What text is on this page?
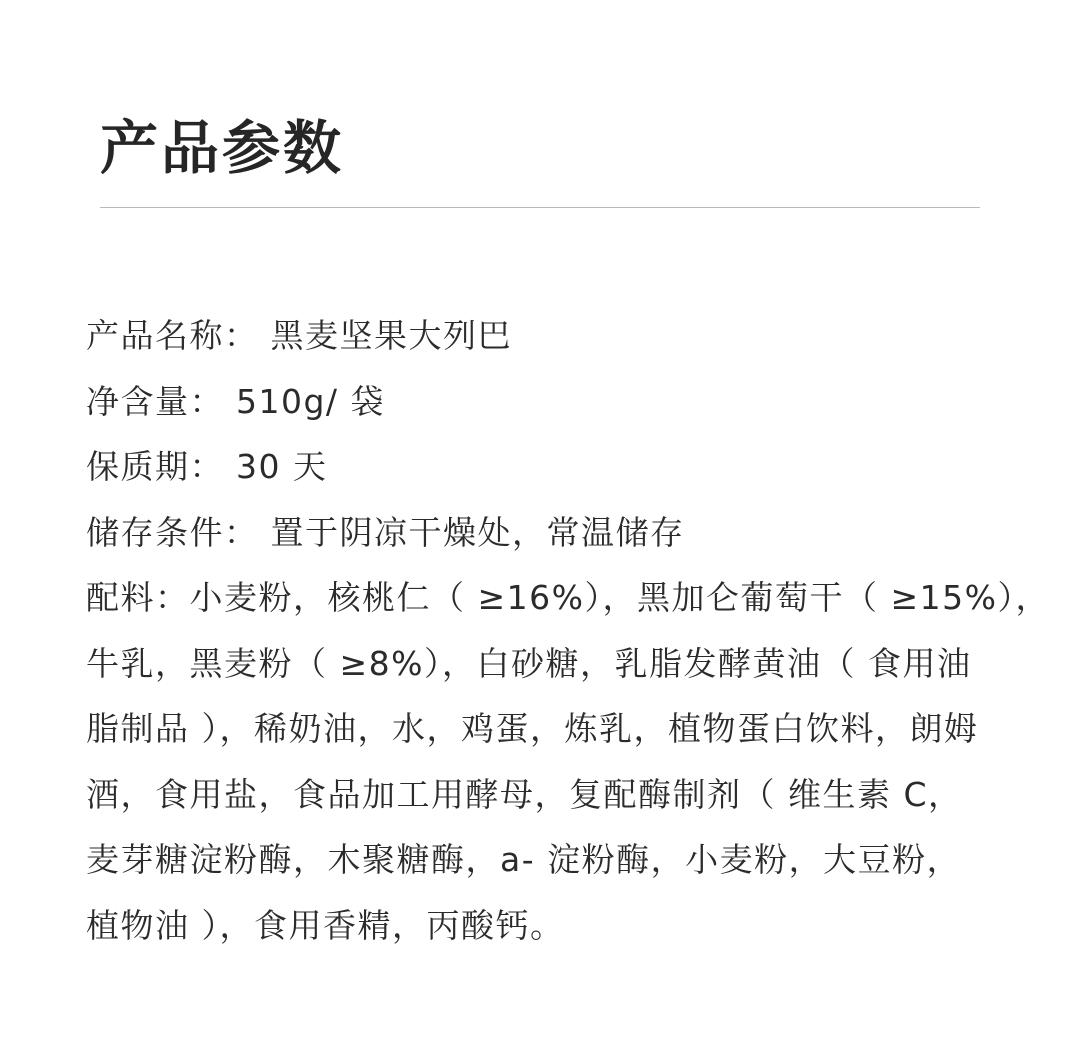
产品参数
产品名称： 黑麦坚果大列巴
净含量： 510g/ 袋
保质期： 30 天
储存条件： 置于阴凉干燥处，常温储存
配料：小麦粉，核桃仁（ ≥16%），黑加仑葡萄干（ ≥15%），
牛乳，黑麦粉（ ≥8%），白砂糖，乳脂发酵黄油（ 食用油
脂制品 ），稀奶油，水，鸡蛋，炼乳，植物蛋白饮料，朗姆
酒，食用盐，食品加工用酵母，复配酶制剂（ 维生素 C，
麦芽糖淀粉酶，木聚糖酶，a- 淀粉酶，小麦粉，大豆粉，
植物油 ），食用香精，丙酸钙。
